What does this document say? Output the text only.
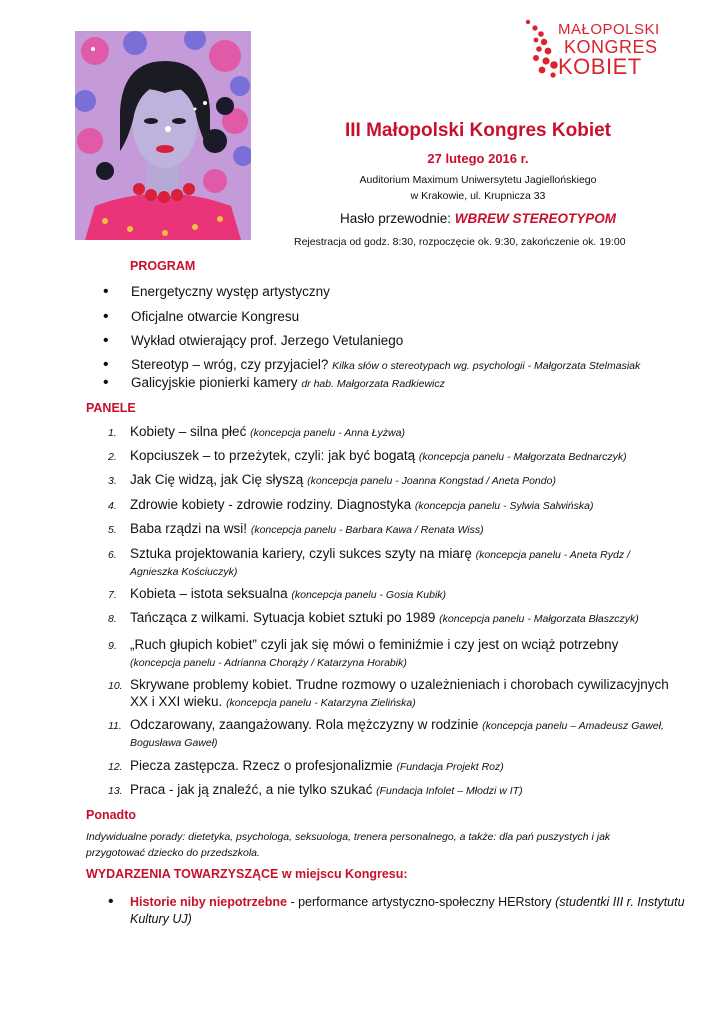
MAŁOPOLSKI
KONGRES
KOBIET
III Małopolski Kongres Kobiet
27 lutego 2016 r.
Auditorium Maximum Uniwersytetu Jagiellońskiego
w Krakowie, ul. Krupnicza 33
Hasło przewodnie: WBREW STEREOTYPOM
Rejestracja od godz. 8:30, rozpoczęcie ok. 9:30, zakończenie ok. 19:00
PROGRAM
• Energetyczny występ artystyczny
• Oficjalne otwarcie Kongresu
• Wykład otwierający prof. Jerzego Vetulaniego
• Stereotyp – wróg, czy przyjaciel? Kilka słów o stereotypach wg. psychologii - Małgorzata Stelmasiak
• Galicyjskie pionierki kamery dr hab. Małgorzata Radkiewicz
PANELE
1. Kobiety – silna płeć (koncepcja panelu - Anna Łyżwa)
2. Kopciuszek – to przeżytek, czyli: jak być bogatą (koncepcja panelu - Małgorzata Bednarczyk)
3. Jak Cię widzą, jak Cię słyszą (koncepcja panelu - Joanna Kongstad / Aneta Pondo)
4. Zdrowie kobiety - zdrowie rodziny. Diagnostyka (koncepcja panelu - Sylwia Salwińska)
5. Baba rządzi na wsi! (koncepcja panelu - Barbara Kawa / Renata Wiss)
6. Sztuka projektowania kariery, czyli sukces szyty na miarę (koncepcja panelu - Aneta Rydz /
Agnieszka Kościuczyk)
7. Kobieta – istota seksualna (koncepcja panelu - Gosia Kubik)
8. Tańcząca z wilkami. Sytuacja kobiet sztuki po 1989 (koncepcja panelu - Małgorzata Błaszczyk)
9. „Ruch głupich kobiet” czyli jak się mówi o feminiźmie i czy jest on wciąż potrzebny
(koncepcja panelu - Adrianna Chorąży / Katarzyna Horabik)
10. Skrywane problemy kobiet. Trudne rozmowy o uzależnieniach i chorobach cywilizacyjnych
XX i XXI wieku. (koncepcja panelu - Katarzyna Zielińska)
11. Odczarowany, zaangażowany. Rola mężczyzny w rodzinie (koncepcja panelu – Amadeusz Gaweł,
Bogusława Gaweł)
12. Piecza zastępcza. Rzecz o profesjonalizmie (Fundacja Projekt Roz)
13. Praca - jak ją znaleźć, a nie tylko szukać (Fundacja Infolet – Młodzi w IT)
Ponadto
Indywidualne porady: dietetyka, psychologa, seksuologa, trenera personalnego, a także: dla pań puszystych i jak
przygotować dziecko do przedszkola.
WYDARZENIA TOWARZYSZĄCE w miejscu Kongresu:
• Historie niby niepotrzebne - performance artystyczno-społeczny HERstory (studentki III r. Instytutu
Kultury UJ)
